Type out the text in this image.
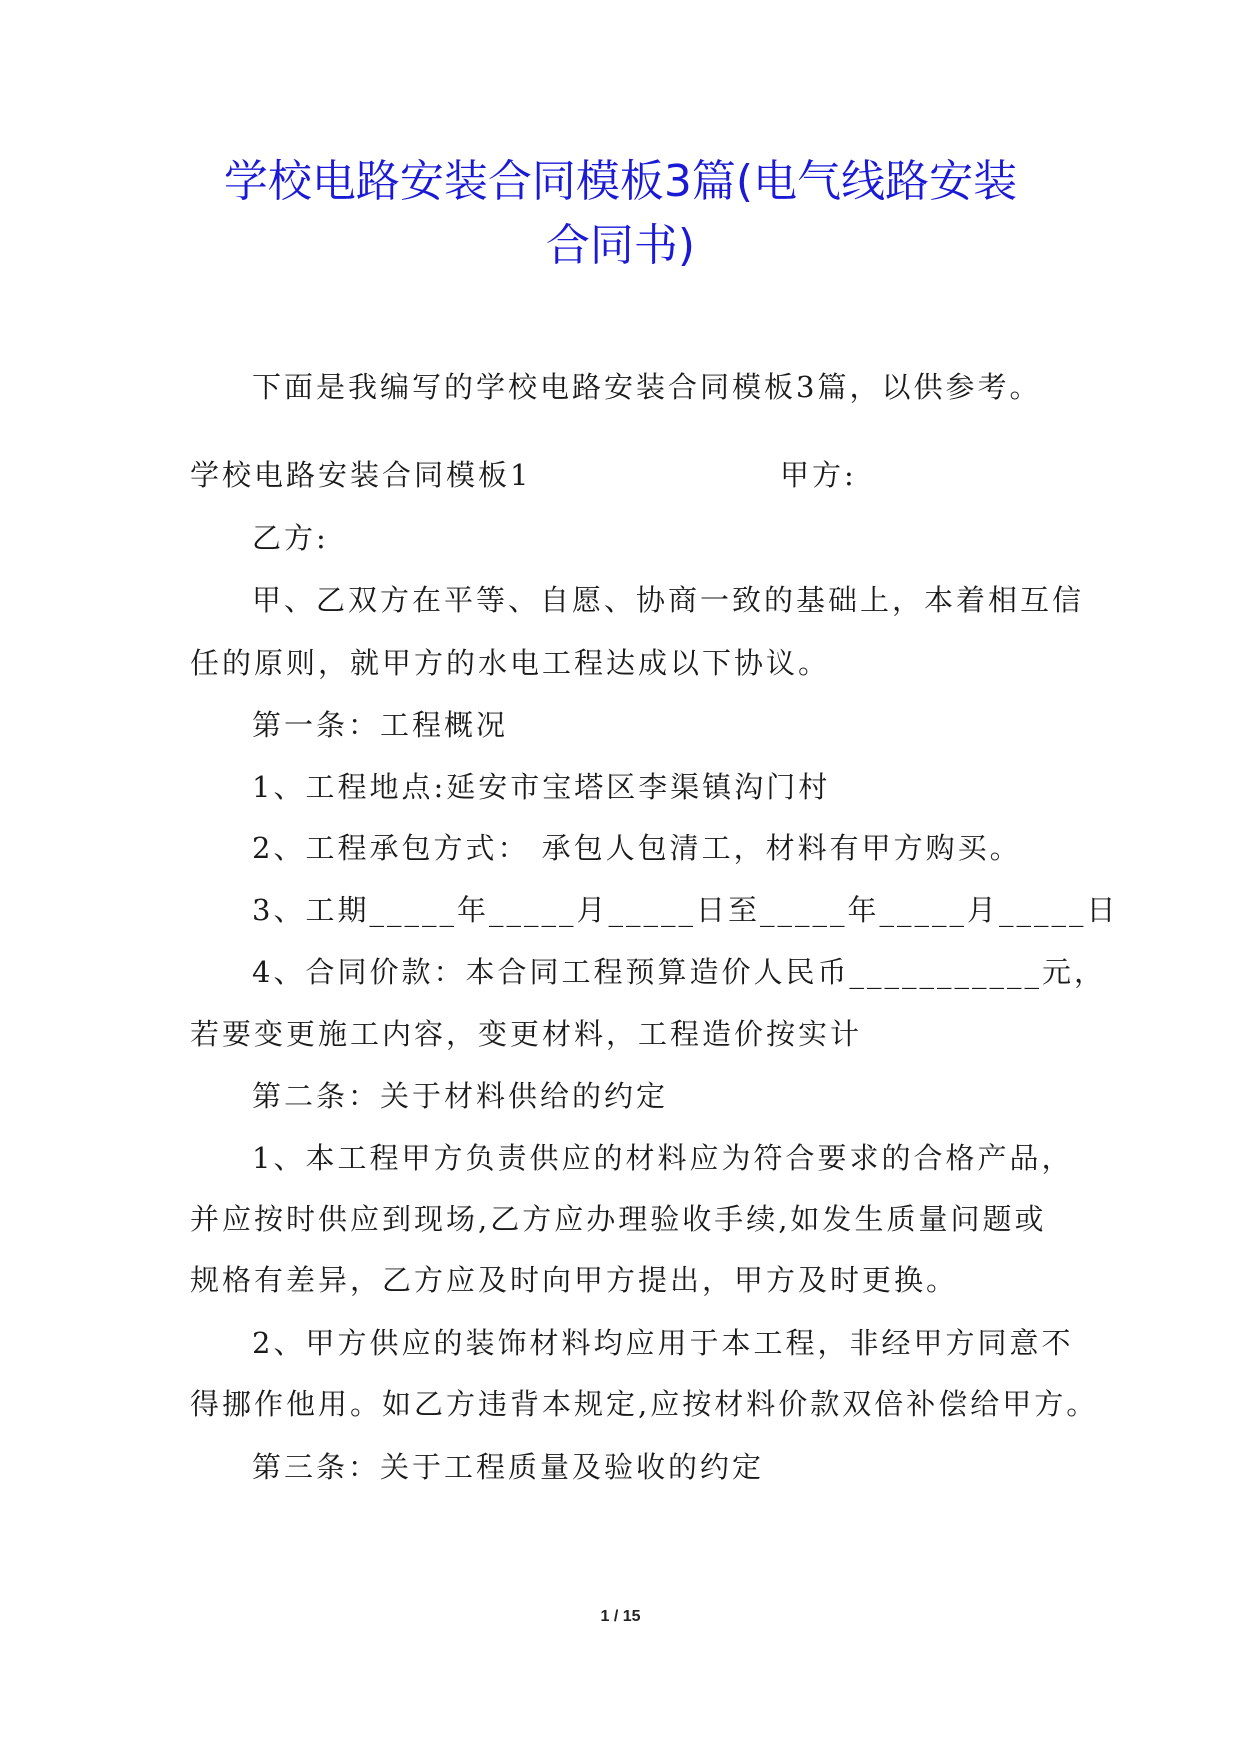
学校电路安装合同模板3篇(电气线路安装
合同书)
下面是我编写的学校电路安装合同模板3篇，以供参考。
学校电路安装合同模板1	甲方:
乙方:
甲、乙双方在平等、自愿、协商一致的基础上，本着相互信
任的原则，就甲方的水电工程达成以下协议。
第一条：工程概况
1、工程地点:延安市宝塔区李渠镇沟门村
2、工程承包方式： 承包人包清工，材料有甲方购买。
3、工期_____年_____月_____日至_____年_____月_____日
4、合同价款：本合同工程预算造价人民币___________元，
若要变更施工内容，变更材料，工程造价按实计
第二条：关于材料供给的约定
1、本工程甲方负责供应的材料应为符合要求的合格产品，
并应按时供应到现场,乙方应办理验收手续,如发生质量问题或
规格有差异，乙方应及时向甲方提出，甲方及时更换。
2、甲方供应的装饰材料均应用于本工程，非经甲方同意不
得挪作他用。如乙方违背本规定,应按材料价款双倍补偿给甲方。
第三条：关于工程质量及验收的约定
1 / 15
